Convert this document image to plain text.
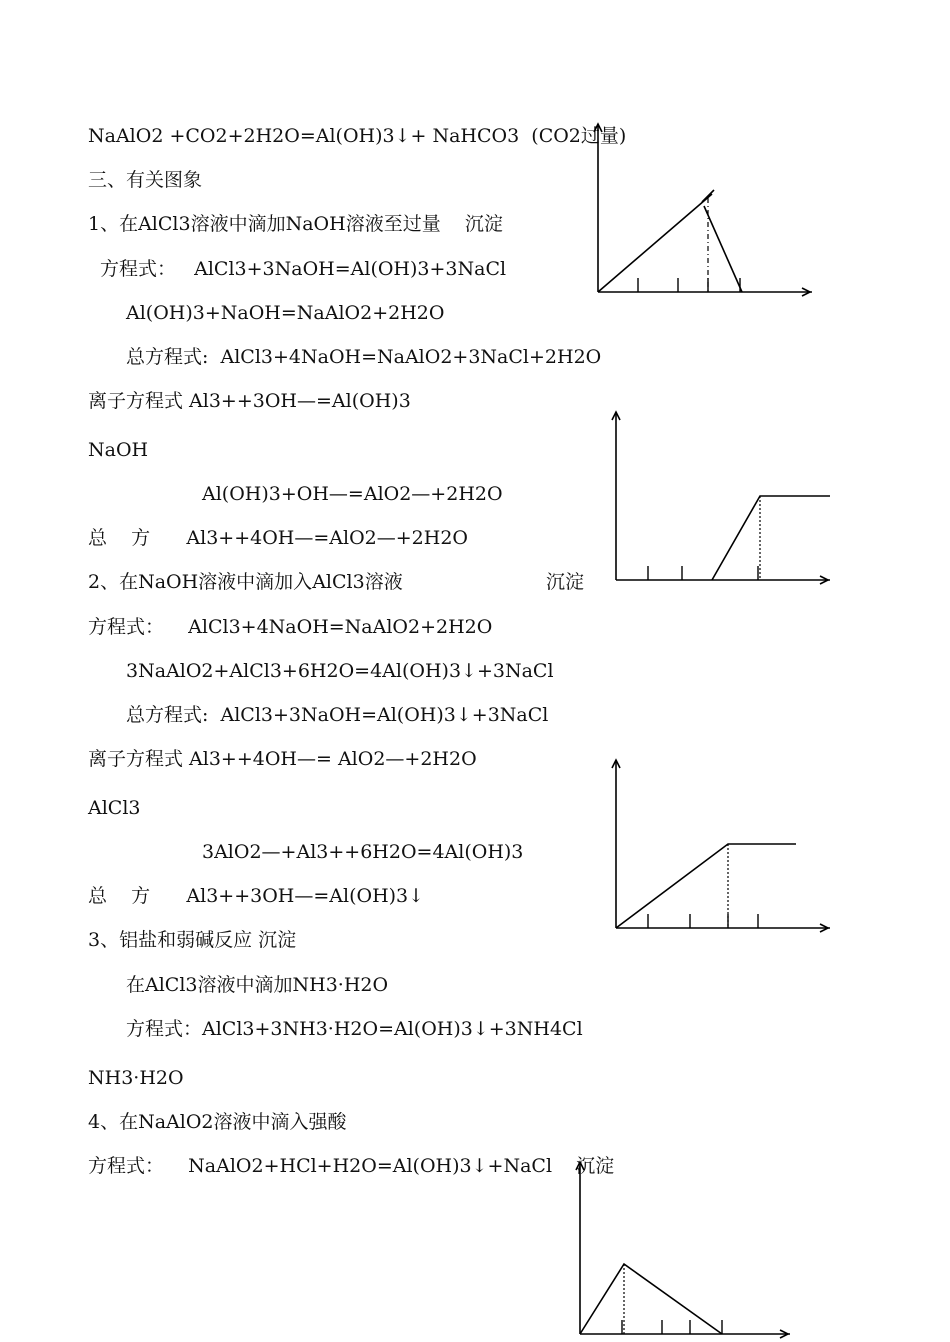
NaAlO2 +CO2+2H2O=Al(OH)3↓+ NaHCO3  (CO2过量)
三、有关图象
1、在AlCl3溶液中滴加NaOH溶液至过量    沉淀
方程式：   AlCl3+3NaOH=Al(OH)3+3NaCl
Al(OH)3+NaOH=NaAlO2+2H2O
总方程式:  AlCl3+4NaOH=NaAlO2+3NaCl+2H2O
离子方程式 Al3++3OH—=Al(OH)3
NaOH
Al(OH)3+OH—=AlO2—+2H2O
总    方      Al3++4OH—=AlO2—+2H2O
2、在NaOH溶液中滴加入AlCl3溶液	沉淀
方程式：    AlCl3+4NaOH=NaAlO2+2H2O
3NaAlO2+AlCl3+6H2O=4Al(OH)3↓+3NaCl
总方程式:  AlCl3+3NaOH=Al(OH)3↓+3NaCl
离子方程式 Al3++4OH—= AlO2—+2H2O
AlCl3
3AlO2—+Al3++6H2O=4Al(OH)3
总    方      Al3++3OH—=Al(OH)3↓
3、铝盐和弱碱反应 沉淀
在AlCl3溶液中滴加NH3·H2O
方程式：AlCl3+3NH3·H2O=Al(OH)3↓+3NH4Cl
NH3·H2O
4、在NaAlO2溶液中滴入强酸
方程式：    NaAlO2+HCl+H2O=Al(OH)3↓+NaCl    沉淀
